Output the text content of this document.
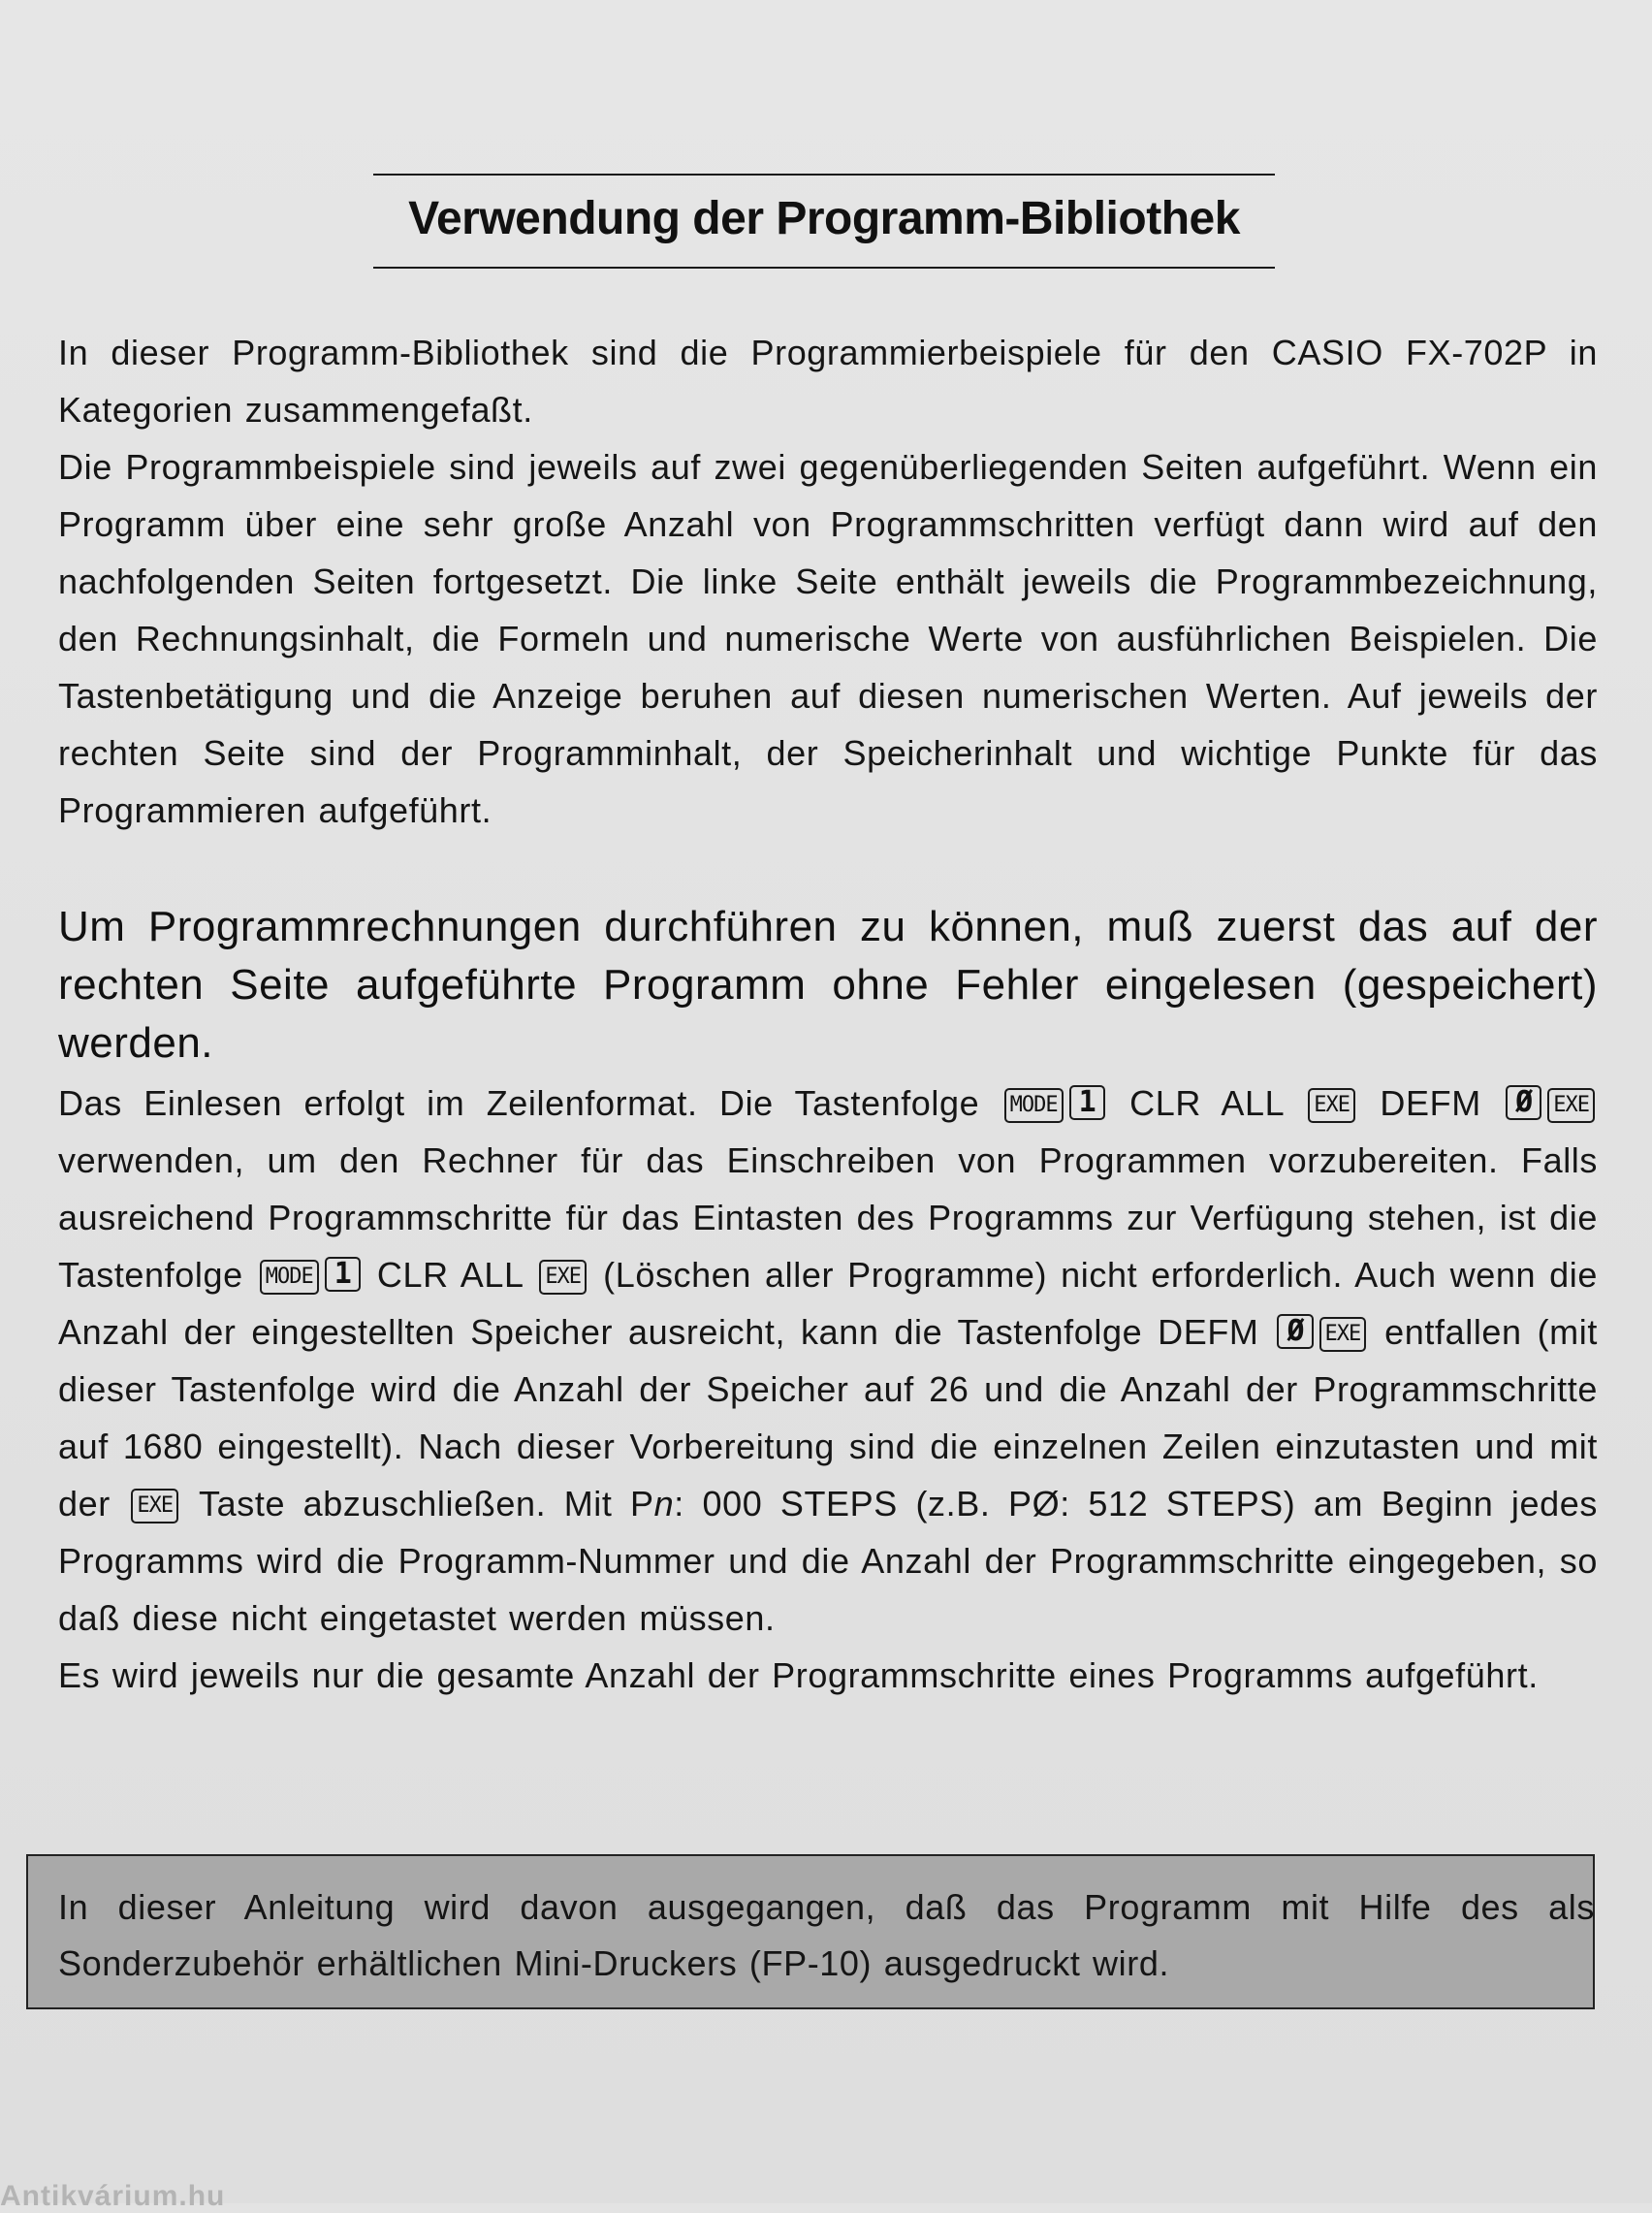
Verwendung der Programm-Bibliothek

In dieser Programm-Bibliothek sind die Programmierbeispiele für den CASIO FX-702P in Kategorien zusammengefaßt.

Die Programmbeispiele sind jeweils auf zwei gegenüberliegenden Seiten aufgeführt. Wenn ein Programm über eine sehr große Anzahl von Programmschritten verfügt dann wird auf den nachfolgenden Seiten fortgesetzt. Die linke Seite enthält jeweils die Programmbezeichnung, den Rechnungsinhalt, die Formeln und numerische Werte von ausführlichen Beispielen. Die Tastenbetätigung und die Anzeige beruhen auf diesen numerischen Werten. Auf jeweils der rechten Seite sind der Programminhalt, der Speicherinhalt und wichtige Punkte für das Programmieren aufgeführt.

Um Programmrechnungen durchführen zu können, muß zuerst das auf der rechten Seite aufgeführte Programm ohne Fehler eingelesen (gespeichert) werden.

Das Einlesen erfolgt im Zeilenformat. Die Tastenfolge MODE 1 CLR ALL EXE DEFM Ø EXE verwenden, um den Rechner für das Einschreiben von Programmen vorzubereiten. Falls ausreichend Programmschritte für das Eintasten des Programms zur Verfügung stehen, ist die Tastenfolge MODE 1 CLR ALL EXE (Löschen aller Programme) nicht erforderlich. Auch wenn die Anzahl der eingestellten Speicher ausreicht, kann die Tastenfolge DEFM Ø EXE entfallen (mit dieser Tastenfolge wird die Anzahl der Speicher auf 26 und die Anzahl der Programmschritte auf 1680 eingestellt). Nach dieser Vorbereitung sind die einzelnen Zeilen einzutasten und mit der EXE Taste abzuschließen. Mit Pn: 000 STEPS (z.B. PØ: 512 STEPS) am Beginn jedes Programms wird die Programm-Nummer und die Anzahl der Programmschritte eingegeben, so daß diese nicht eingetastet werden müssen.

Es wird jeweils nur die gesamte Anzahl der Programmschritte eines Programms aufgeführt.

In dieser Anleitung wird davon ausgegangen, daß das Programm mit Hilfe des als Sonderzubehör erhältlichen Mini-Druckers (FP-10) ausgedruckt wird.

Antikvárium.hu
